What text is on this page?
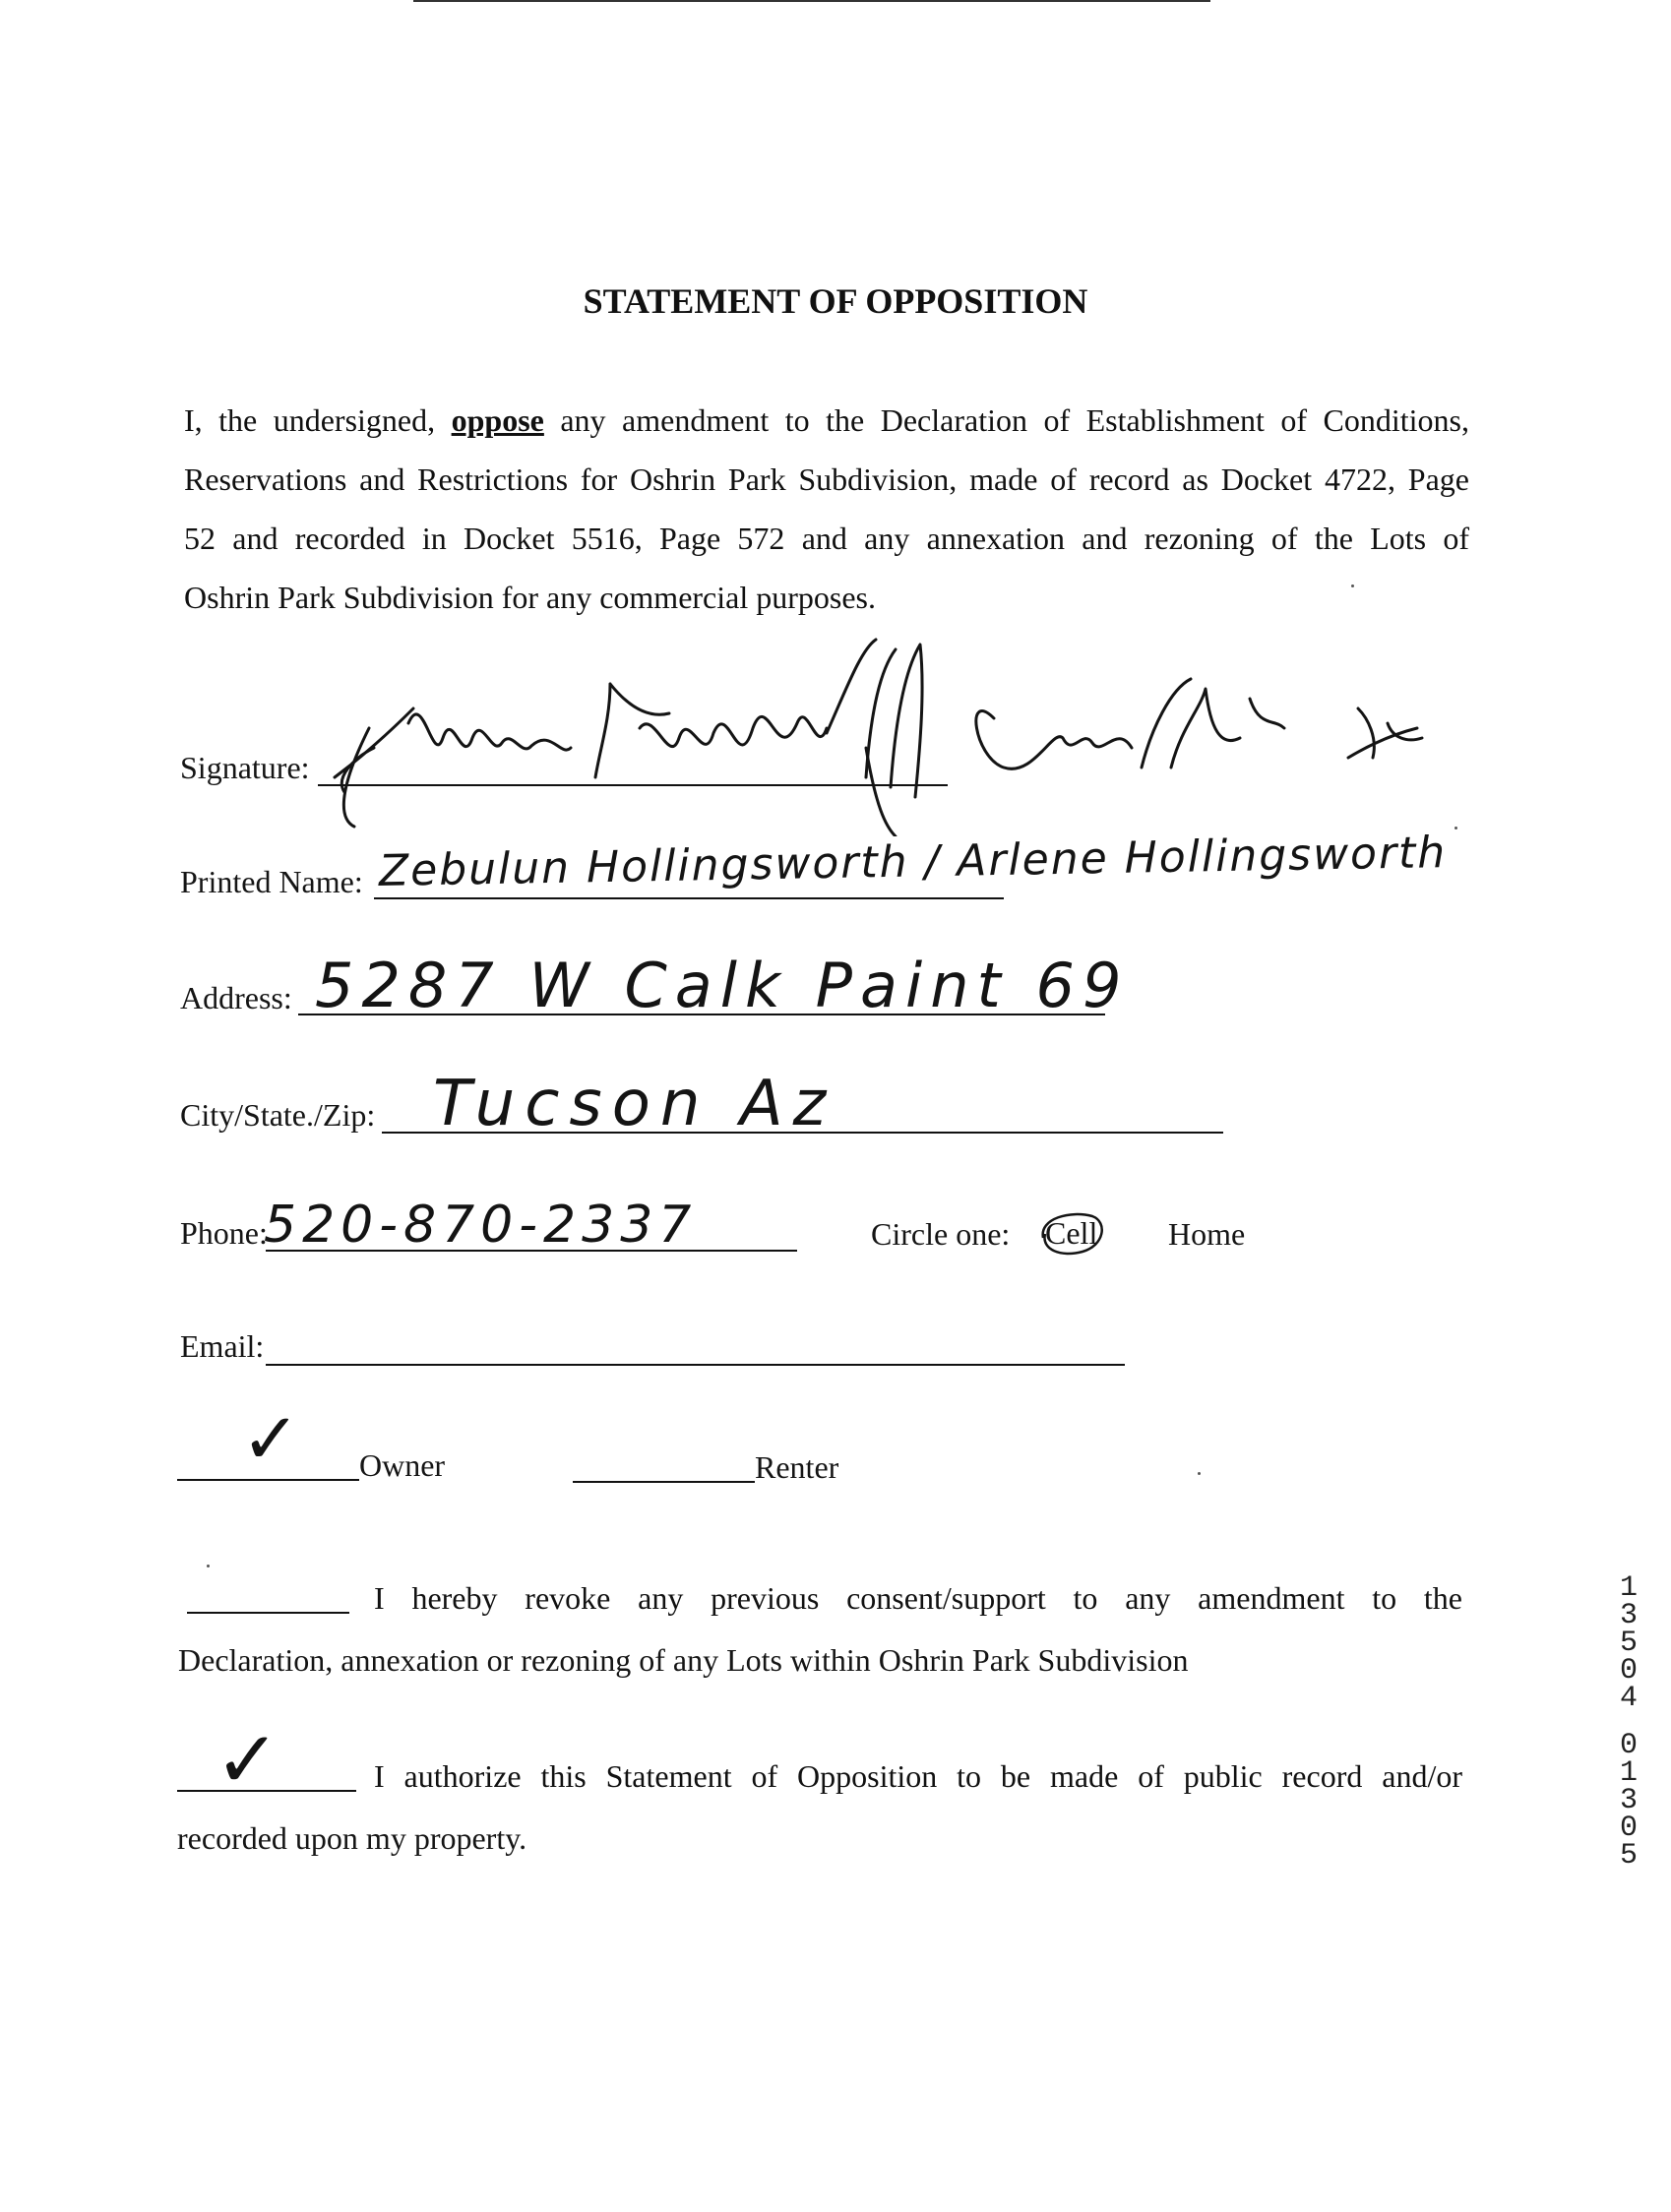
STATEMENT OF OPPOSITION
I, the undersigned, oppose any amendment to the Declaration of Establishment of Conditions,
Reservations and Restrictions for Oshrin Park Subdivision, made of record as Docket 4722, Page
52 and recorded in Docket 5516, Page 572 and any annexation and rezoning of the Lots of
Oshrin Park Subdivision for any commercial purposes.
Signature:
Printed Name: Zebulun Hollingsworth / Arlene Hollingsworth
Address: 5287 W Calk Paint 69
City/State./Zip: Tucson Az
Phone:
520-870-2337	Circle one: Cell Home
Email:
✓ Owner	Renter
I hereby revoke any previous consent/support to any amendment to the
Declaration, annexation or rezoning of any Lots within Oshrin Park Subdivision
✓	I authorize this Statement of Opposition to be made of public record and/or
recorded upon my property.
13504
01305
